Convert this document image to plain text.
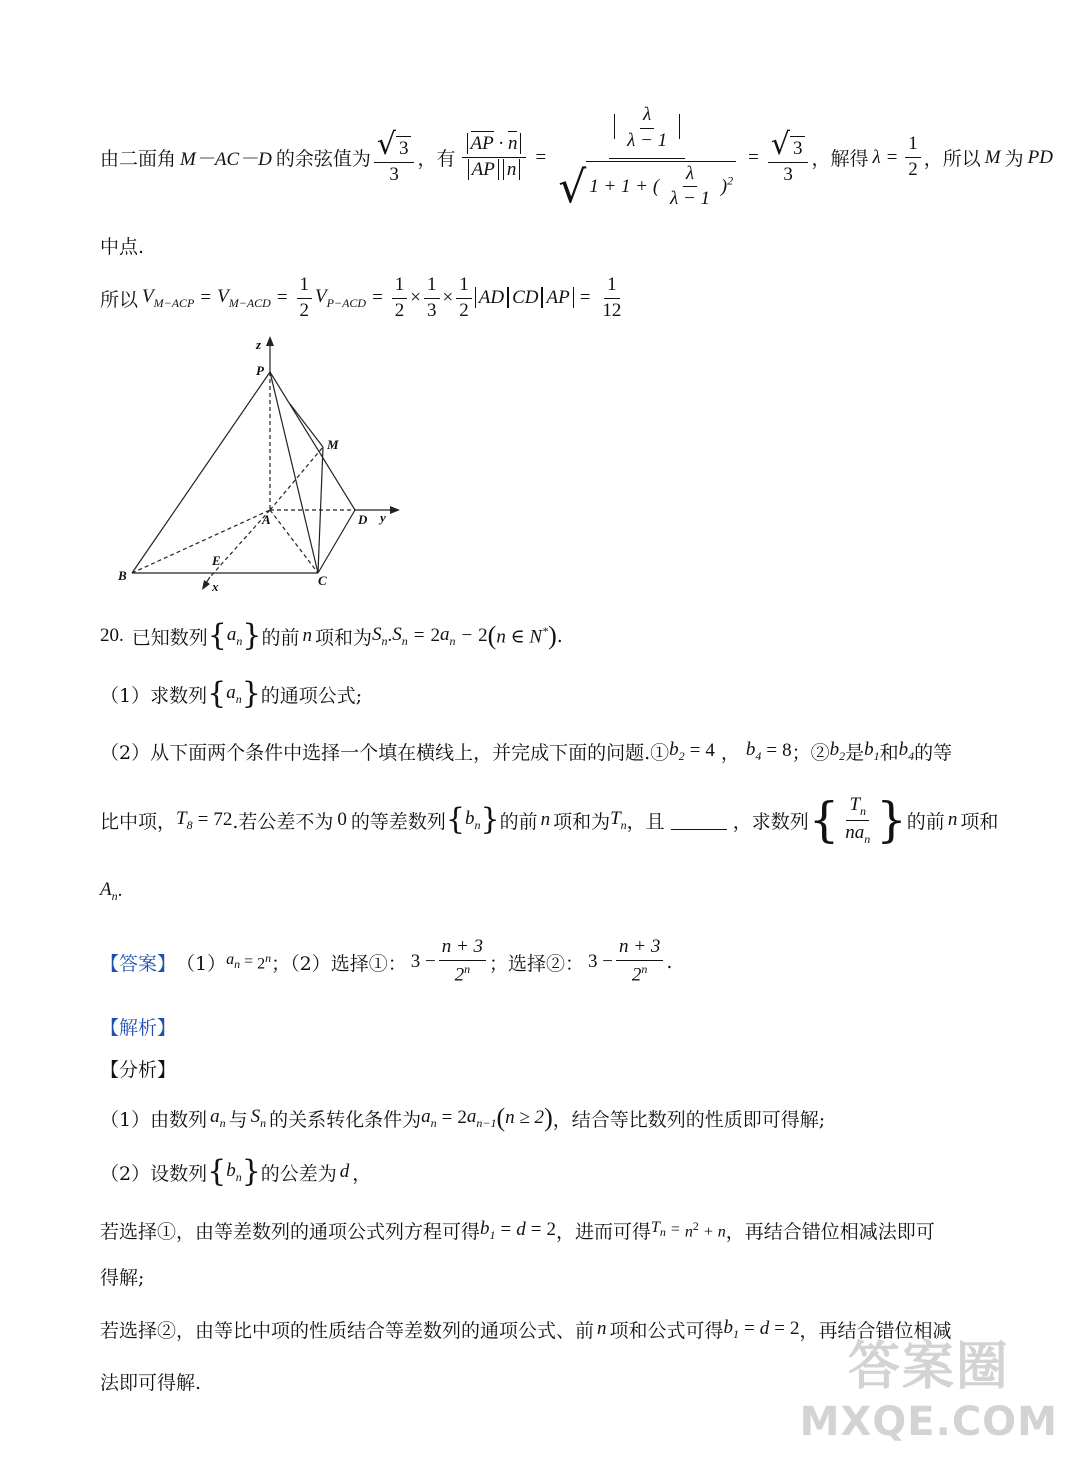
由二面角 M－AC－D 的余弦值为 $\frac{√ 3}{3}$ ，有 $\frac{AP \cdot n}{\text{AP n}} = \frac{\frac{\lambda}{\lambda - 1}}{√ 1 + 1 + ( \frac{\lambda}{\lambda - 1} )^2} = \frac{√ 3}{3}$ ，解得 $\lambda = \frac{1}{2}$ ，所以 M 为 PD
中点.
所以 $V_{M-ACP} = V_{M-ACD} = \frac{1}{2} V_{P-ACD} = \frac{1}{2} \times \frac{1}{3} \times \frac{1}{2}$ AD CD AP = $\frac{1}{12}$
z
P
M
A	D y
B
E
C
x
20. 已知数列 { $a_n$ } 的前 n 项和为 $S_n$ . $S_n = 2$ $a_n - 2$ ( n ∈ N* ) .
（1）求数列 { $a_n$ } 的通项公式;
（2）从下面两个条件中选择一个填在横线上，并完成下面的问题.① $b_2 = 4$ ， $b_4 = 8$ ；② $b_2$ 是 $b_1$ 和 $b_4$ 的等
比中项， $T_8 = 72$ .若公差不为 0 的等差数列 { $b_n$ } 的前 n 项和为 $T_n$ ，且	，求数列 { $\frac{T_n}{na_n}$ } 的前 n 项和
$A_n$ .
【答案】 （1） $a_n = 2^n$ ；（2）选择①： $3 - \frac{n + 3}{2^n}$ ；选择②： $3 - \frac{n + 3}{2^n}$ .
【解析】
【分析】
（1）由数列 $a_n$ 与 $S_n$ 的关系转化条件为 $a_n = 2$ $a_{n-1}$ ( n ≥ 2 ) ，结合等比数列的性质即可得解;
（2）设数列 { $b_n$ } 的公差为 d ，
若选择①，由等差数列的通项公式列方程可得 $b_1 = d = 2$ ，进而可得 $T_n = n^2 + n$ ，再结合错位相减法即可
得解;
若选择②，由等比中项的性质结合等差数列的通项公式、前 n 项和公式可得 $b_1 = d = 2$ ，再结合错位相减
法即可得解.	答案圈
MXQE.COM
